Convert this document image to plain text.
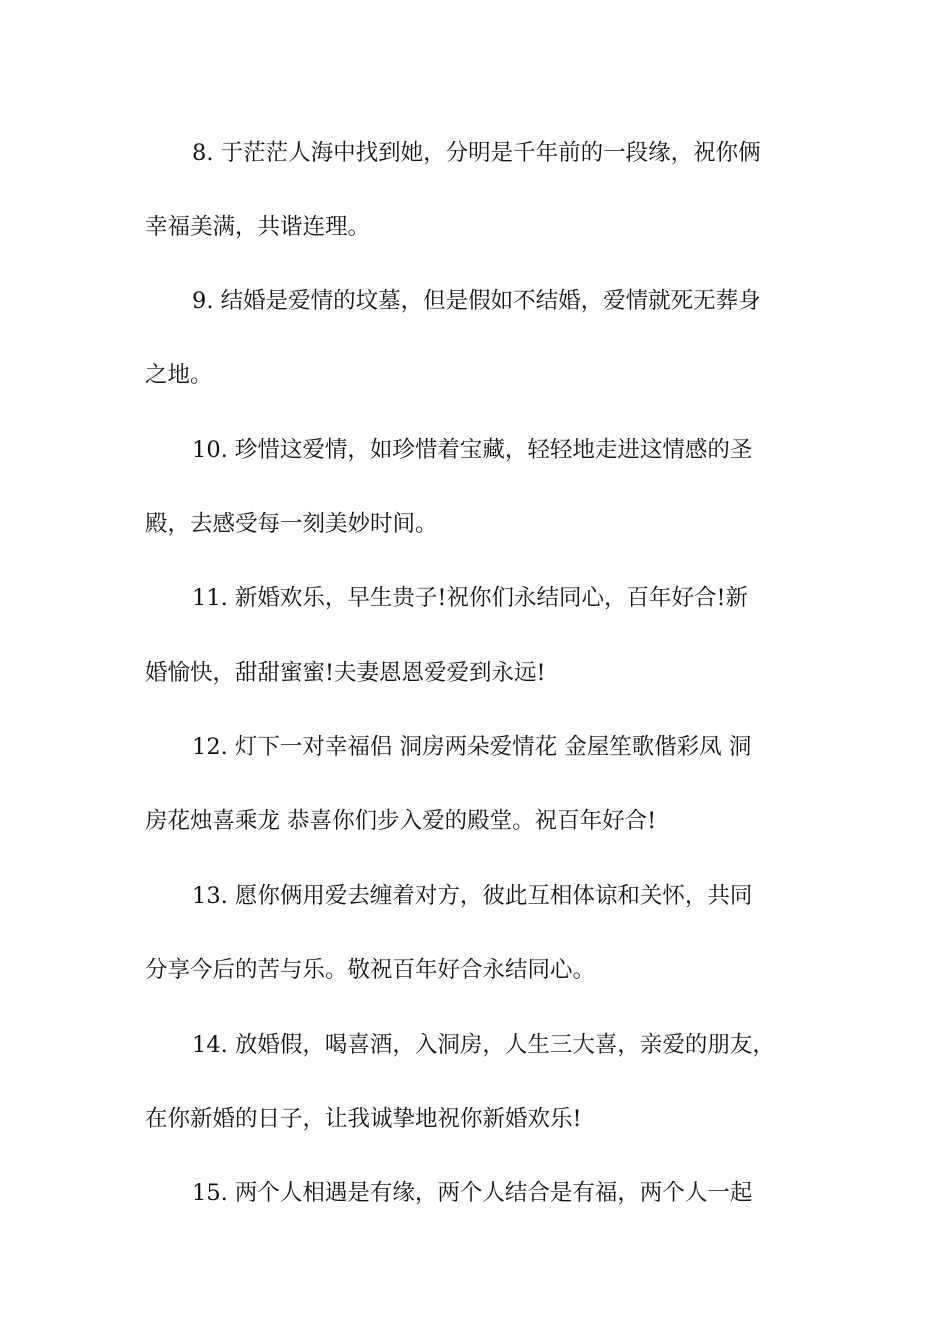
8. 于茫茫人海中找到她，分明是千年前的一段缘，祝你俩
幸福美满，共谐连理。
9. 结婚是爱情的坟墓，但是假如不结婚，爱情就死无葬身
之地。
10. 珍惜这爱情，如珍惜着宝藏，轻轻地走进这情感的圣
殿，去感受每一刻美妙时间。
11. 新婚欢乐，早生贵子!祝你们永结同心，百年好合!新
婚愉快，甜甜蜜蜜!夫妻恩恩爱爱到永远!
12. 灯下一对幸福侣 洞房两朵爱情花 金屋笙歌偕彩凤 洞
房花烛喜乘龙 恭喜你们步入爱的殿堂。祝百年好合!
13. 愿你俩用爱去缠着对方，彼此互相体谅和关怀，共同
分享今后的苦与乐。敬祝百年好合永结同心。
14. 放婚假，喝喜酒，入洞房，人生三大喜，亲爱的朋友，
在你新婚的日子，让我诚挚地祝你新婚欢乐!
15. 两个人相遇是有缘，两个人结合是有福，两个人一起
